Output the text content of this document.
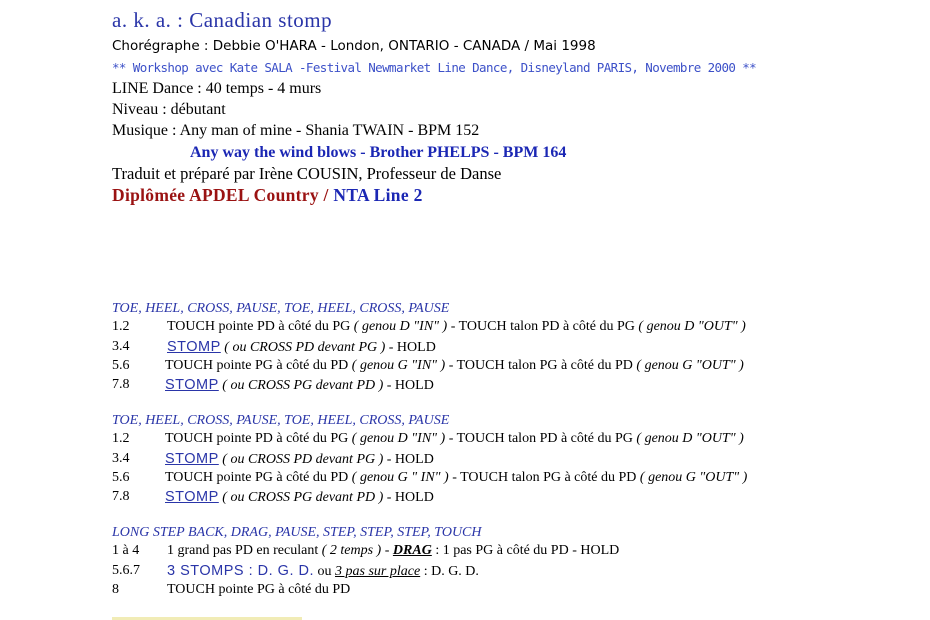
a. k. a. : Canadian stomp
Chorégraphe : Debbie O'HARA - London, ONTARIO - CANADA / Mai 1998
** Workshop avec Kate SALA -Festival Newmarket Line Dance, Disneyland PARIS, Novembre 2000 **
LINE Dance : 40 temps - 4 murs
Niveau : débutant
Musique : Any man of mine - Shania TWAIN - BPM 152
Any way the wind blows - Brother PHELPS - BPM 164
Traduit et préparé par Irène COUSIN, Professeur de Danse
Diplômée APDEL Country / NTA Line 2
TOE, HEEL, CROSS, PAUSE, TOE, HEEL, CROSS, PAUSE
1.2	TOUCH pointe PD à côté du PG ( genou D "IN" ) - TOUCH talon PD à côté du PG ( genou D "OUT" )
3.4	STOMP ( ou CROSS PD devant PG ) - HOLD
5.6	TOUCH pointe PG à côté du PD ( genou G "IN" ) - TOUCH talon PG à côté du PD ( genou G "OUT" )
7.8 STOMP ( ou CROSS PG devant PD ) - HOLD
TOE, HEEL, CROSS, PAUSE, TOE, HEEL, CROSS, PAUSE
1.2	TOUCH pointe PD à côté du PG ( genou D "IN" ) - TOUCH talon PD à côté du PG ( genou D "OUT" )
3.4 STOMP ( ou CROSS PD devant PG ) - HOLD
5.6	TOUCH pointe PG à côté du PD ( genou G " IN" ) - TOUCH talon PG à côté du PD ( genou G "OUT" )
7.8 STOMP ( ou CROSS PG devant PD ) - HOLD
LONG STEP BACK, DRAG, PAUSE, STEP, STEP, STEP, TOUCH
1 à 4 1 grand pas PD en reculant ( 2 temps ) - DRAG : 1 pas PG à côté du PD - HOLD
5.6.7 3 STOMPS : D. G. D. ou 3 pas sur place : D. G. D.
8	TOUCH pointe PG à côté du PD
